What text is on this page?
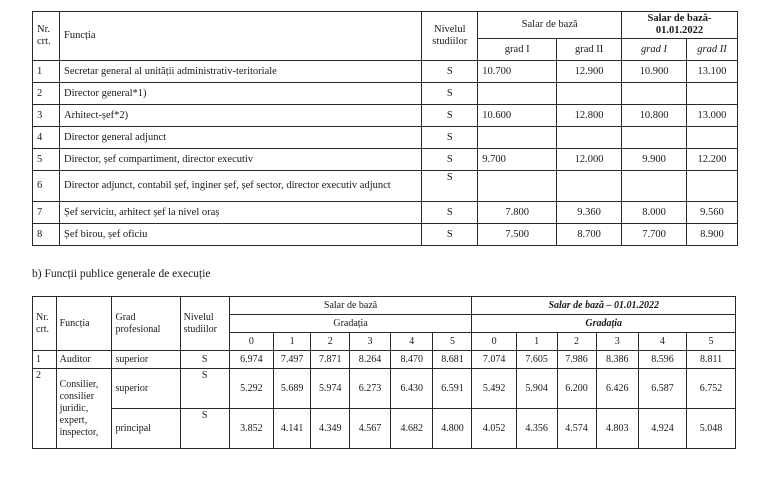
Nr. crt.	Funcția	Nivelul studiilor	Salar de bază		Salar de bază- 01.01.2022	
			grad I	grad II	grad I	grad II
1	Secretar general al unității administrativ-teritoriale	S	10.700	12.900	10.900	13.100
2	Director general*1)	S				
3	Arhitect-șef*2)	S	10.600	12.800	10.800	13.000
4	Director general adjunct	S				
5	Director, șef compartiment, director executiv	S	9.700	12.000	9.900	12.200
6	Director adjunct, contabil șef, inginer șef, șef sector, director executiv adjunct	S				
7	Șef serviciu, arhitect șef la nivel oraș	S	7.800	9.360	8.000	9.560
8	Șef birou, șef oficiu	S	7.500	8.700	7.700	8.900
b) Funcții publice generale de execuție
Nr. crt.	Funcția	Grad profesional	Nivelul studiilor	Salar de bază						Salar de bază – 01.01.2022					
				Gradația						Gradația					
				0	1	2	3	4	5	0	1	2	3	4	5
1	Auditor	superior	S	6.974	7.497	7.871	8.264	8.470	8.681	7.074	7.605	7.986	8.386	8.596	8.811
2	Consilier, consilier juridic, expert, inspector,	superior	S	5.292	5.689	5.974	6.273	6.430	6.591	5.492	5.904	6.200	6.426	6.587	6.752
		principal	S	3.852	4.141	4.349	4.567	4.682	4.800	4.052	4.356	4.574	4.803	4.924	5.048
